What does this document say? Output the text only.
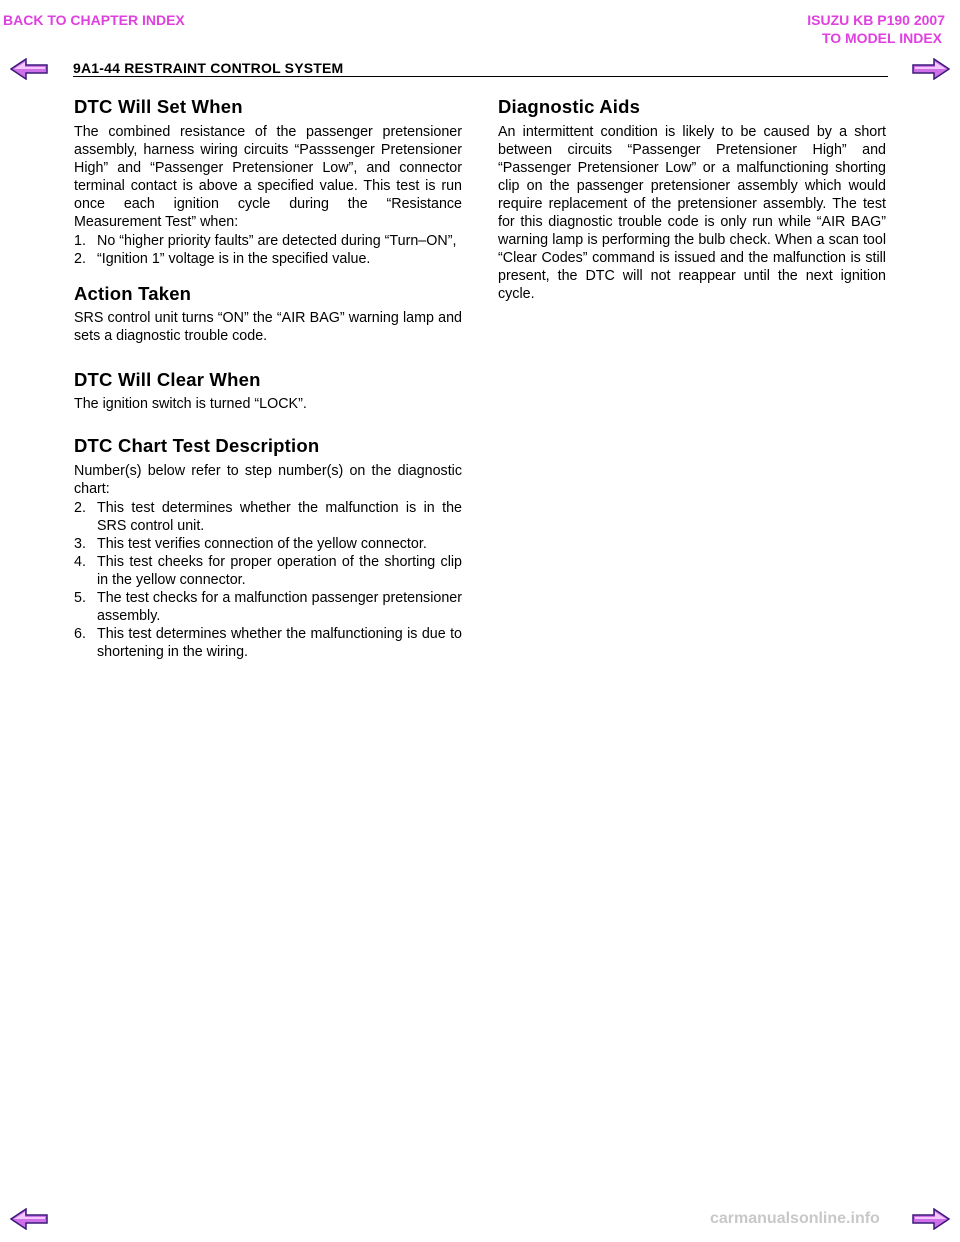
BACK TO CHAPTER INDEX	ISUZU KB P190 2007
TO MODEL INDEX
9A1-44 RESTRAINT CONTROL SYSTEM
DTC Will Set When

The combined resistance of the passenger pretensioner assembly, harness wiring circuits “Passsenger Pretensioner High” and “Passenger Pretensioner Low”, and connector terminal contact is above a specified value. This test is run once each ignition cycle during the “Resistance Measurement Test” when:

1. No “higher priority faults” are detected during “Turn–ON”,
2. “Ignition 1” voltage is in the specified value.
Action Taken

SRS control unit turns “ON” the “AIR BAG” warning lamp and sets a diagnostic trouble code.

DTC Will Clear When

The ignition switch is turned “LOCK”.

DTC Chart Test Description

Number(s) below refer to step number(s) on the diagnostic chart:

2. This test determines whether the malfunction is in the SRS control unit.
3. This test verifies connection of the yellow connector.
4. This test cheeks for proper operation of the shorting clip in the yellow connector.
5. The test checks for a malfunction passenger pretensioner assembly.
6. This test determines whether the malfunctioning is due to shortening in the wiring.
Diagnostic Aids

An intermittent condition is likely to be caused by a short between circuits “Passenger Pretensioner High” and “Passenger Pretensioner Low” or a malfunctioning shorting clip on the passenger pretensioner assembly which would require replacement of the pretensioner assembly. The test for this diagnostic trouble code is only run while “AIR BAG” warning lamp is performing the bulb check. When a scan tool “Clear Codes” command is issued and the malfunction is still present, the DTC will not reappear until the next ignition cycle.

carmanualsonline.info
